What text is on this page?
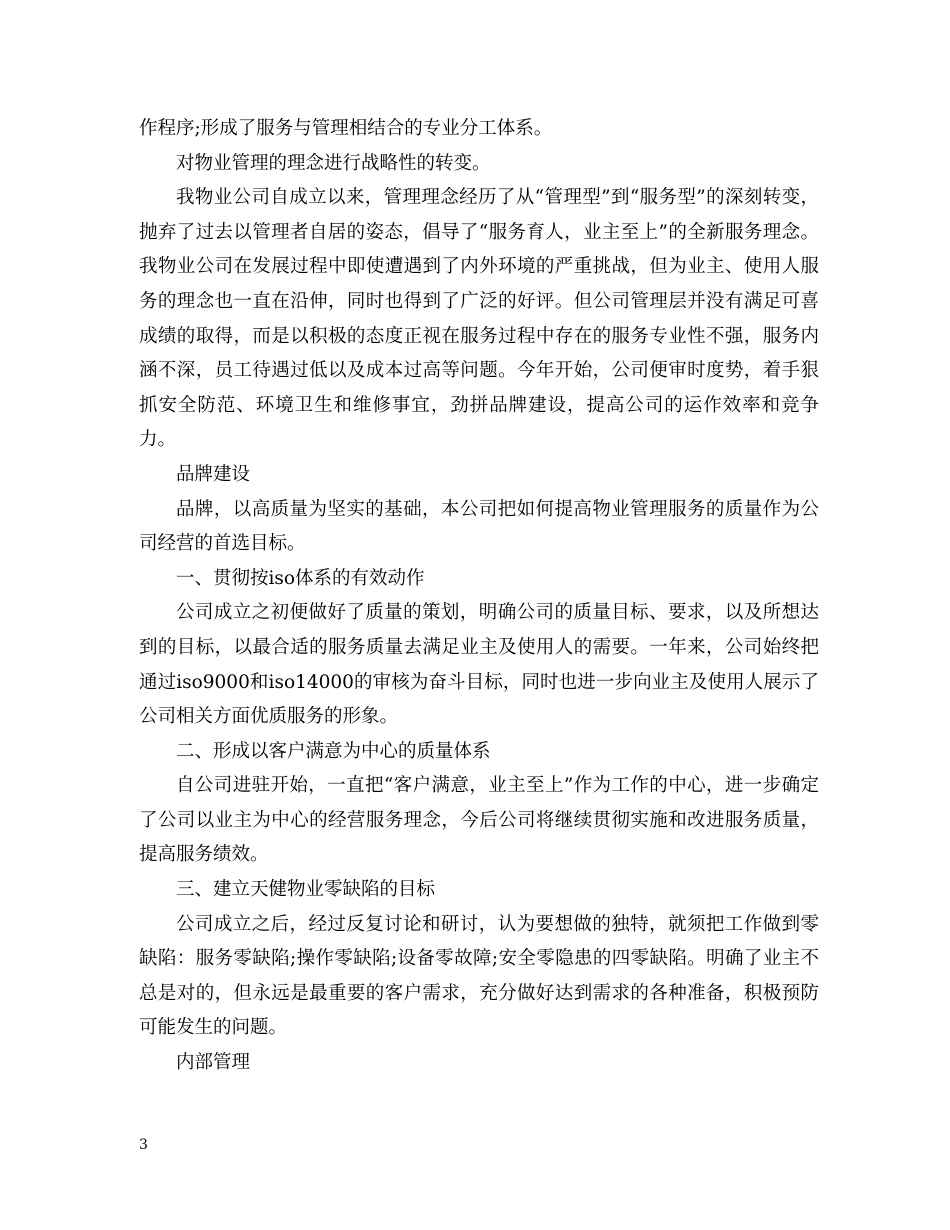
作程序;形成了服务与管理相结合的专业分工体系。

对物业管理的理念进行战略性的转变。

我物业公司自成立以来，管理理念经历了从“管理型”到“服务型”的深刻转变，抛弃了过去以管理者自居的姿态，倡导了“服务育人，业主至上”的全新服务理念。我物业公司在发展过程中即使遭遇到了内外环境的严重挑战，但为业主、使用人服务的理念也一直在沿伸，同时也得到了广泛的好评。但公司管理层并没有满足可喜成绩的取得，而是以积极的态度正视在服务过程中存在的服务专业性不强，服务内涵不深，员工待遇过低以及成本过高等问题。今年开始，公司便审时度势，着手狠抓安全防范、环境卫生和维修事宜，劲拼品牌建设，提高公司的运作效率和竞争力。

品牌建设

品牌，以高质量为坚实的基础，本公司把如何提高物业管理服务的质量作为公司经营的首选目标。

一、贯彻按iso体系的有效动作

公司成立之初便做好了质量的策划，明确公司的质量目标、要求，以及所想达到的目标，以最合适的服务质量去满足业主及使用人的需要。一年来，公司始终把通过iso9000和iso14000的审核为奋斗目标，同时也进一步向业主及使用人展示了公司相关方面优质服务的形象。

二、形成以客户满意为中心的质量体系

自公司进驻开始，一直把“客户满意，业主至上”作为工作的中心，进一步确定了公司以业主为中心的经营服务理念，今后公司将继续贯彻实施和改进服务质量，提高服务绩效。

三、建立天健物业零缺陷的目标

公司成立之后，经过反复讨论和研讨，认为要想做的独特，就须把工作做到零缺陷：服务零缺陷;操作零缺陷;设备零故障;安全零隐患的四零缺陷。明确了业主不总是对的，但永远是最重要的客户需求，充分做好达到需求的各种准备，积极预防可能发生的问题。

内部管理

3
